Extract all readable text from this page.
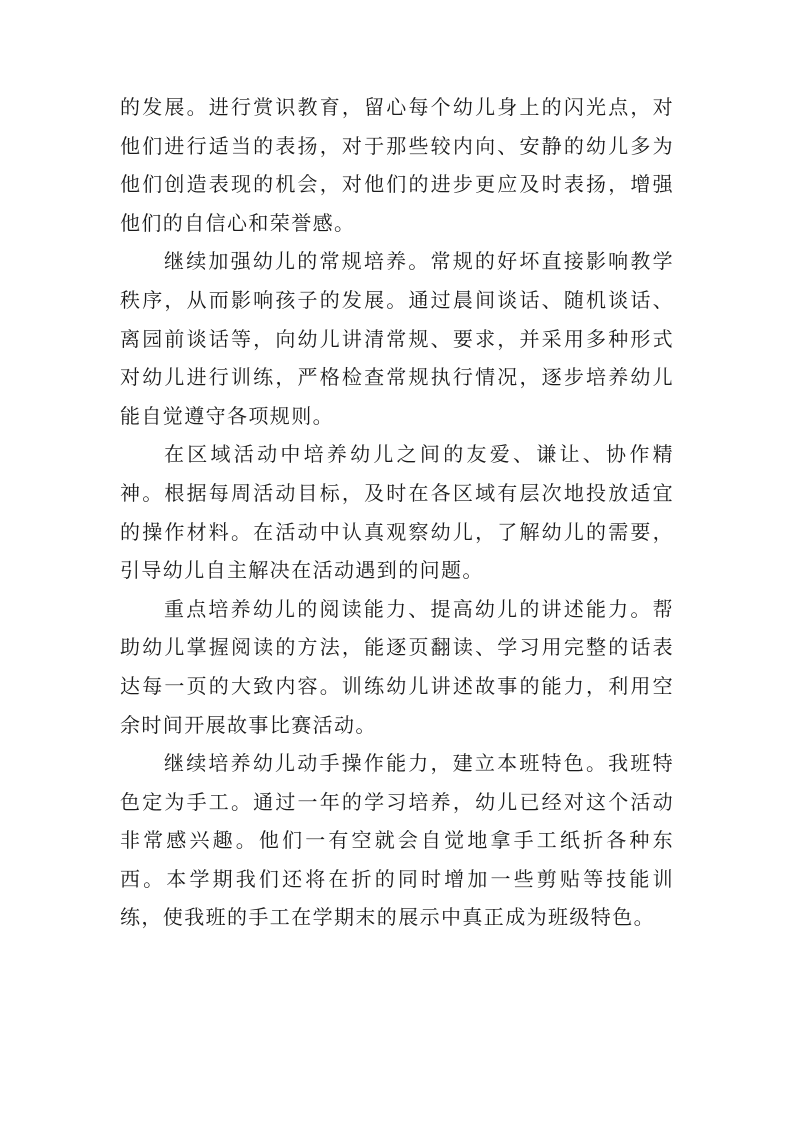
的发展。进行赏识教育，留心每个幼儿身上的闪光点，对他们进行适当的表扬，对于那些较内向、安静的幼儿多为他们创造表现的机会，对他们的进步更应及时表扬，增强他们的自信心和荣誉感。

继续加强幼儿的常规培养。常规的好坏直接影响教学秩序，从而影响孩子的发展。通过晨间谈话、随机谈话、离园前谈话等，向幼儿讲清常规、要求，并采用多种形式对幼儿进行训练，严格检查常规执行情况，逐步培养幼儿能自觉遵守各项规则。

在区域活动中培养幼儿之间的友爱、谦让、协作精神。根据每周活动目标，及时在各区域有层次地投放适宜的操作材料。在活动中认真观察幼儿，了解幼儿的需要，引导幼儿自主解决在活动遇到的问题。

重点培养幼儿的阅读能力、提高幼儿的讲述能力。帮助幼儿掌握阅读的方法，能逐页翻读、学习用完整的话表达每一页的大致内容。训练幼儿讲述故事的能力，利用空余时间开展故事比赛活动。

继续培养幼儿动手操作能力，建立本班特色。我班特色定为手工。通过一年的学习培养，幼儿已经对这个活动非常感兴趣。他们一有空就会自觉地拿手工纸折各种东西。本学期我们还将在折的同时增加一些剪贴等技能训练，使我班的手工在学期末的展示中真正成为班级特色。
